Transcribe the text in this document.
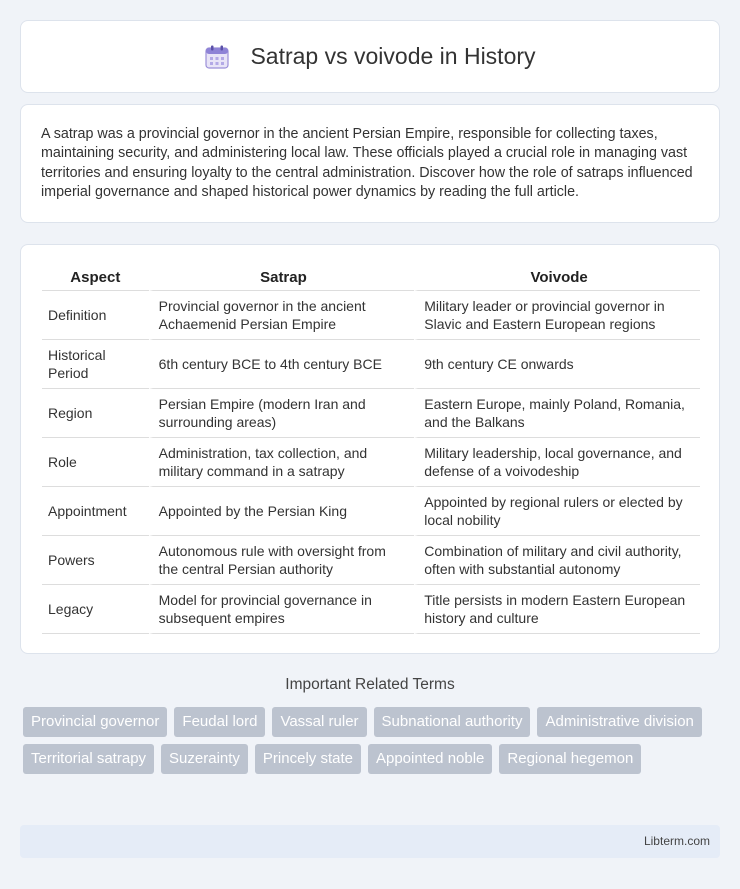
Satrap vs voivode in History

A satrap was a provincial governor in the ancient Persian Empire, responsible for collecting taxes, maintaining security, and administering local law. These officials played a crucial role in managing vast territories and ensuring loyalty to the central administration. Discover how the role of satraps influenced imperial governance and shaped historical power dynamics by reading the full article.

Aspect	Satrap	Voivode
Definition	Provincial governor in the ancient Achaemenid Persian Empire	Military leader or provincial governor in Slavic and Eastern European regions
Historical Period	6th century BCE to 4th century BCE	9th century CE onwards
Region	Persian Empire (modern Iran and surrounding areas)	Eastern Europe, mainly Poland, Romania, and the Balkans
Role	Administration, tax collection, and military command in a satrapy	Military leadership, local governance, and defense of a voivodeship
Appointment	Appointed by the Persian King	Appointed by regional rulers or elected by local nobility
Powers	Autonomous rule with oversight from the central Persian authority	Combination of military and civil authority, often with substantial autonomy
Legacy	Model for provincial governance in subsequent empires	Title persists in modern Eastern European history and culture
Important Related Terms
Provincial governor	Feudal lord	Vassal ruler	Subnational authority	Administrative division
Territorial satrapy	Suzerainty	Princely state	Appointed noble	Regional hegemon
Libterm.com
